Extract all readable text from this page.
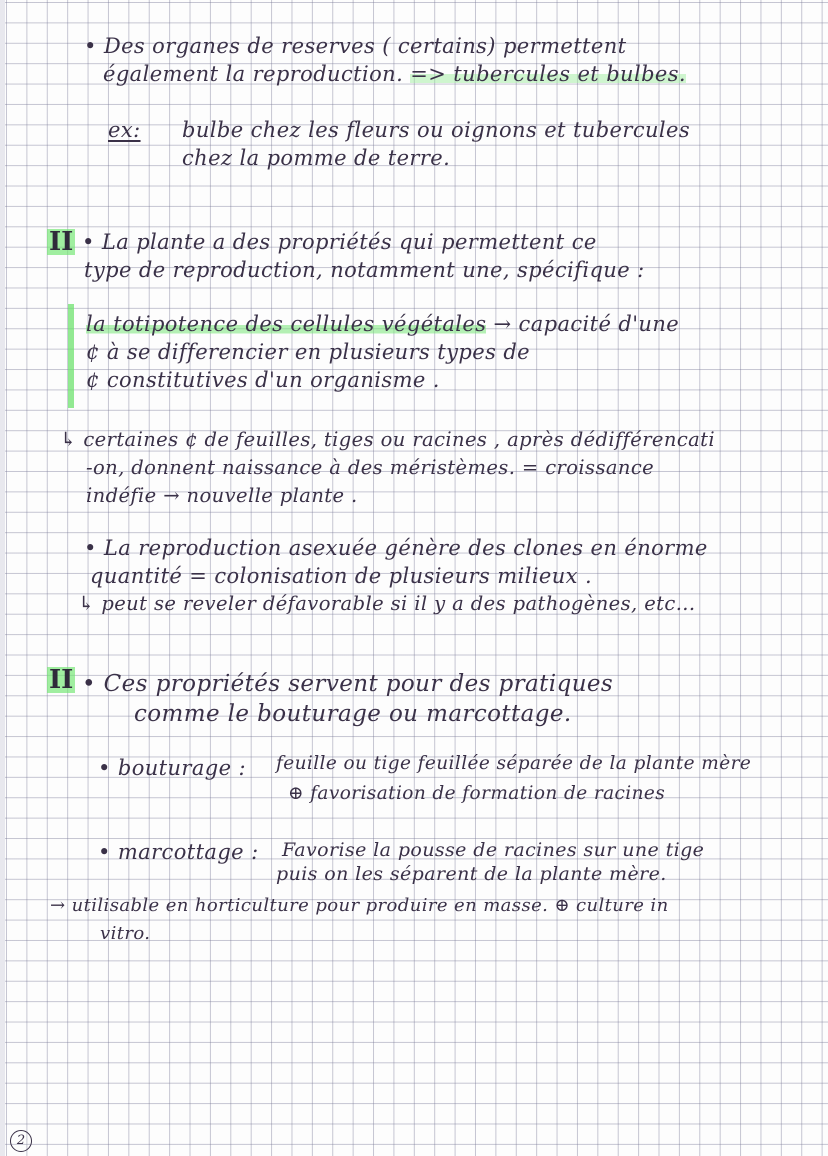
• Des organes de reserves ( certains) permettent
également la reproduction. => tubercules et bulbes.
ex: bulbe chez les fleurs ou oignons et tubercules
chez la pomme de terre.
II • La plante a des propriétés qui permettent ce
type de reproduction, notamment une, spécifique :
la totipotence des cellules végétales → capacité d'une
¢ à se differencier en plusieurs types de
¢ constitutives d'un organisme .
↳ certaines ¢ de feuilles, tiges ou racines , après dédifférencati
-on, donnent naissance à des méristèmes. = croissance
indéfie → nouvelle plante .
• La reproduction asexuée génère des clones en énorme
quantité = colonisation de plusieurs milieux .
↳ peut se reveler défavorable si il y a des pathogènes, etc...
II • Ces propriétés servent pour des pratiques
comme le bouturage ou marcottage.
• bouturage : feuille ou tige feuillée séparée de la plante mère
⊕ favorisation de formation de racines
• marcottage : Favorise la pousse de racines sur une tige
puis on les séparent de la plante mère.
→ utilisable en horticulture pour produire en masse. ⊕ culture in
vitro.
2
